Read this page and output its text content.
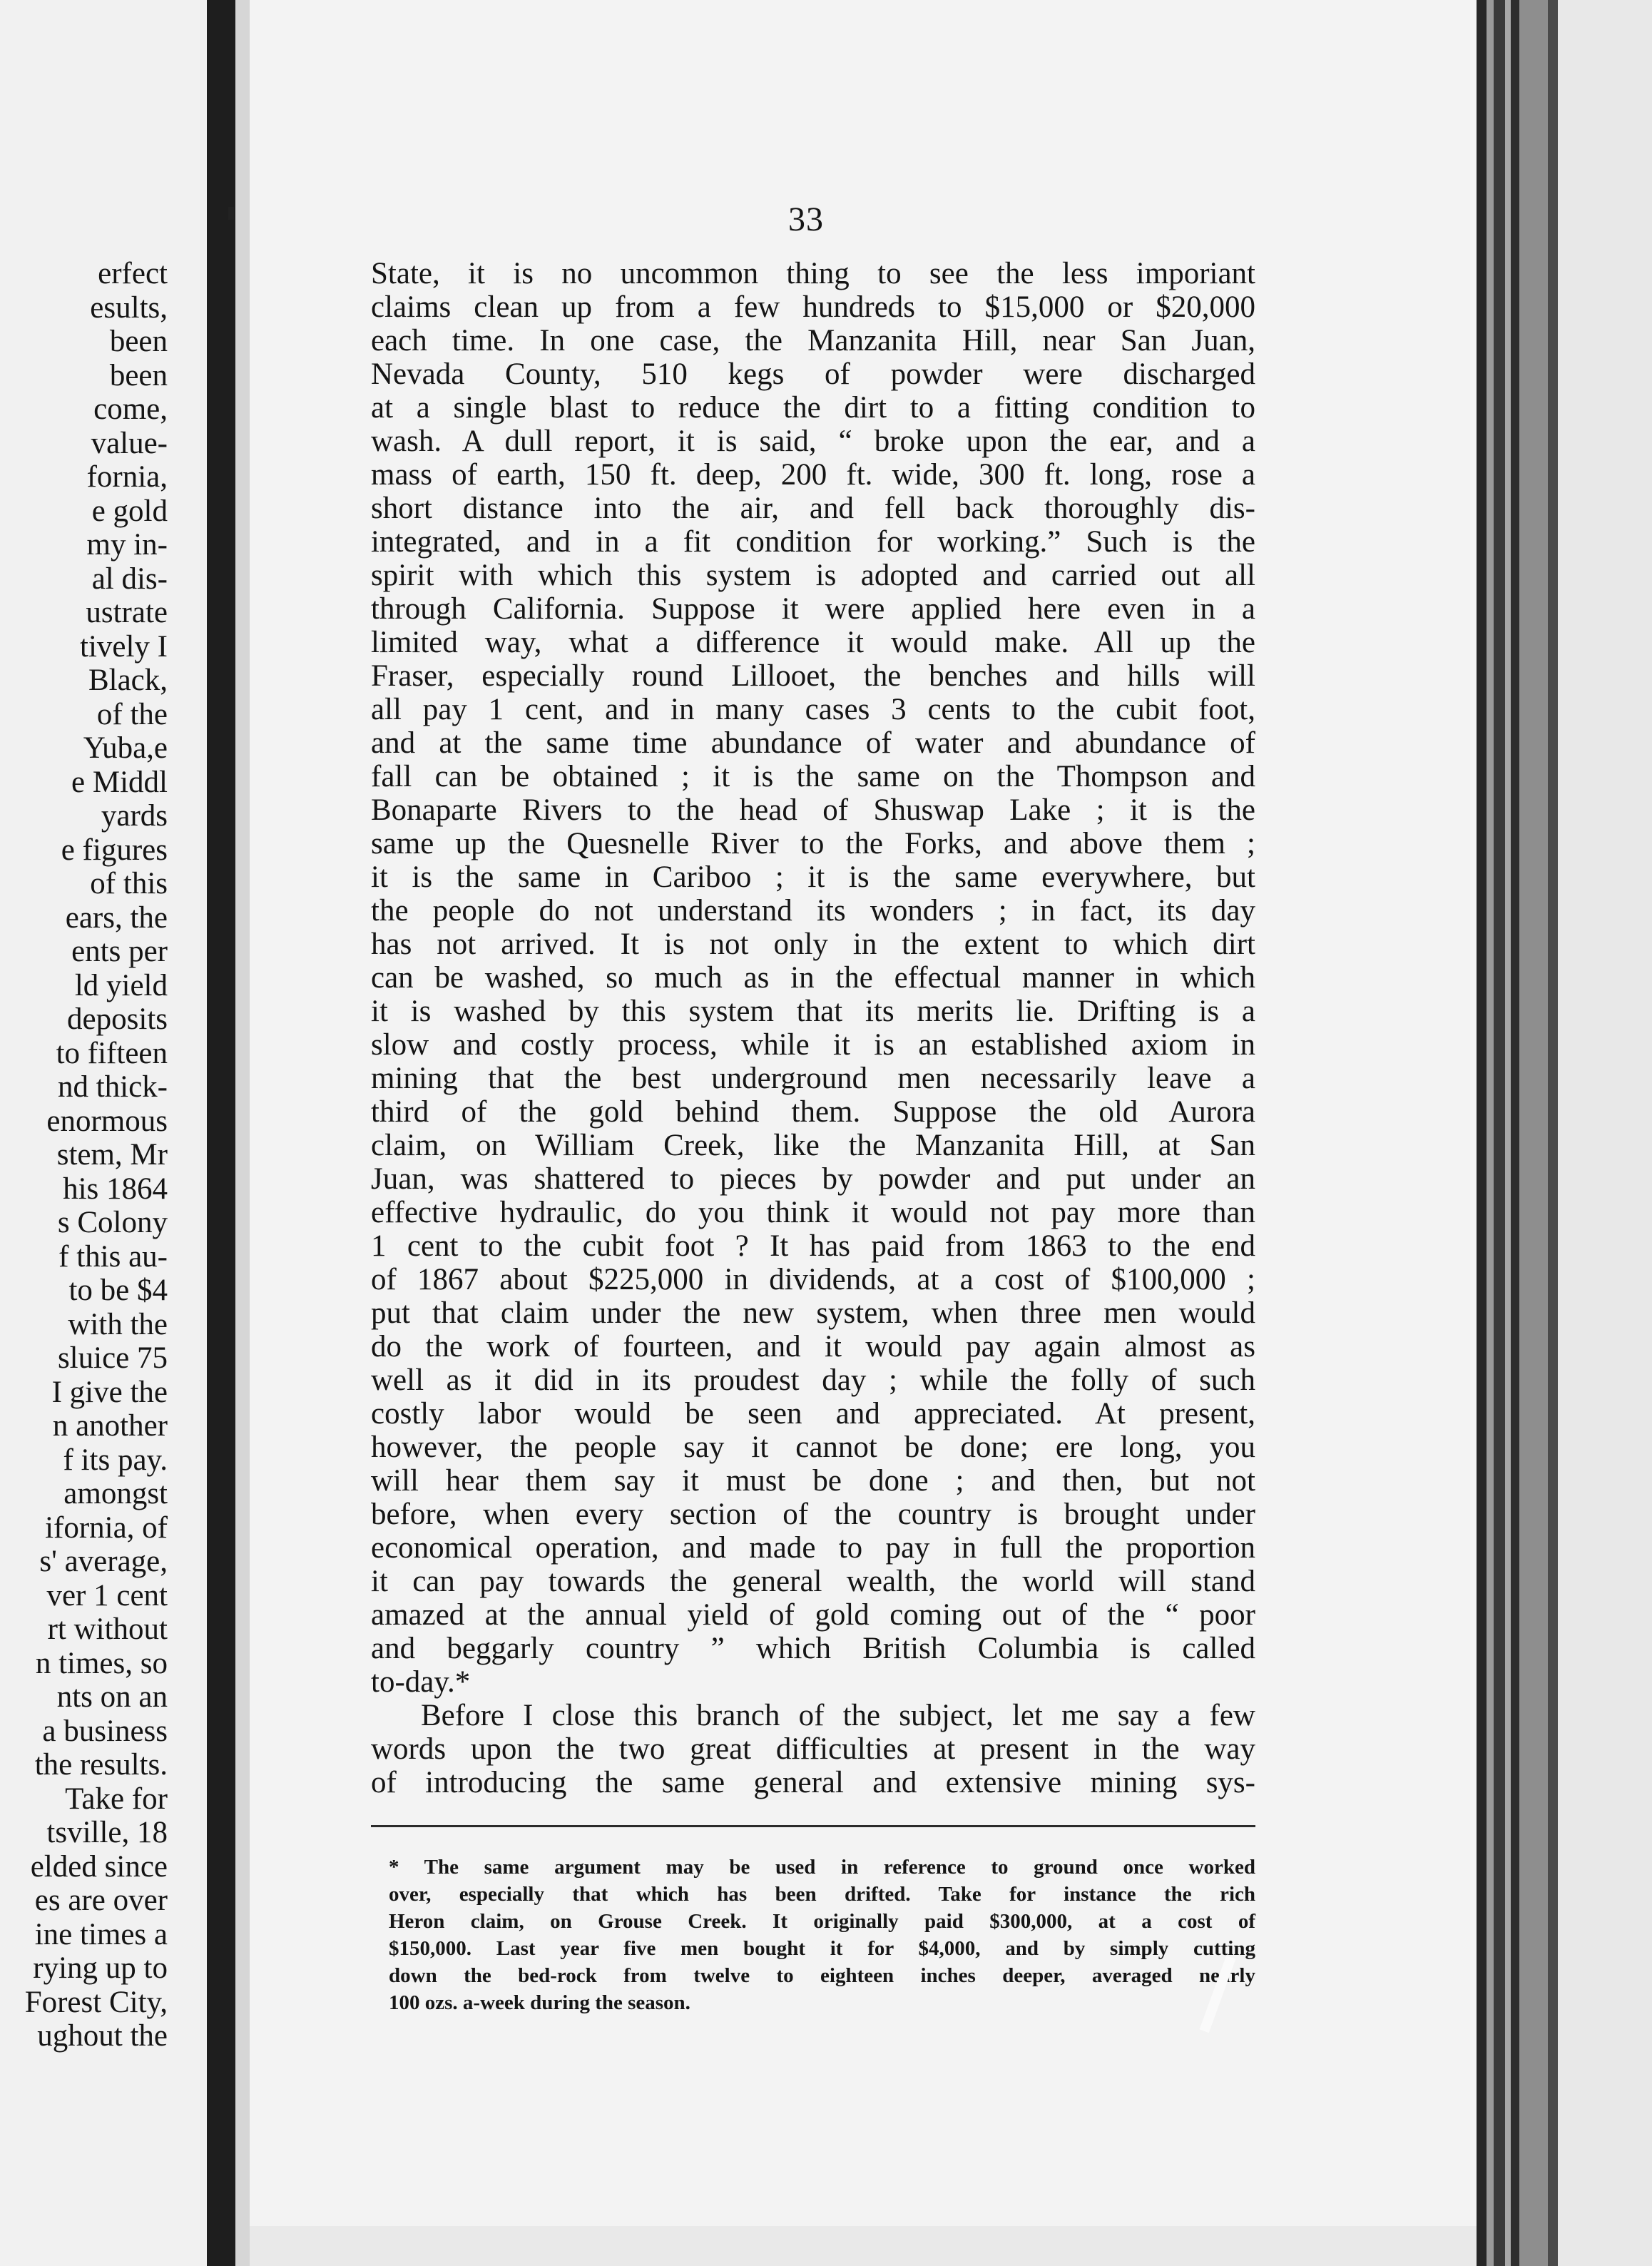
erfect
esults,
been
been
come,
value-
fornia,
e gold
my in-
al dis-
ustrate
tively I
Black,
of the
Yuba,e
e Middl
yards
e figures
of this
ears, the
ents per
ld yield
deposits
to fifteen
nd thick-
enormous
stem, Mr
his 1864
s Colony
f this au-
to be $4
with the
sluice 75
I give the
n another
f its pay.
amongst
ifornia, of
s' average,
ver 1 cent
rt without
n times, so
nts on an
a business
the results.
Take for
tsville, 18
elded since
es are over
ine times a
rying up to
Forest City,
ughout the
33
State, it is no uncommon thing to see the less imporiant
claims clean up from a few hundreds to $15,000 or $20,000
each time. In one case, the Manzanita Hill, near San Juan,
Nevada County, 510 kegs of powder were discharged
at a single blast to reduce the dirt to a fitting condition to
wash. A dull report, it is said, “ broke upon the ear, and a
mass of earth, 150 ft. deep, 200 ft. wide, 300 ft. long, rose a
short distance into the air, and fell back thoroughly dis-
integrated, and in a fit condition for working.” Such is the
spirit with which this system is adopted and carried out all
through California. Suppose it were applied here even in a
limited way, what a difference it would make. All up the
Fraser, especially round Lillooet, the benches and hills will
all pay 1 cent, and in many cases 3 cents to the cubit foot,
and at the same time abundance of water and abundance of
fall can be obtained ; it is the same on the Thompson and
Bonaparte Rivers to the head of Shuswap Lake ; it is the
same up the Quesnelle River to the Forks, and above them ;
it is the same in Cariboo ; it is the same everywhere, but
the people do not understand its wonders ; in fact, its day
has not arrived. It is not only in the extent to which dirt
can be washed, so much as in the effectual manner in which
it is washed by this system that its merits lie. Drifting is a
slow and costly process, while it is an established axiom in
mining that the best underground men necessarily leave a
third of the gold behind them. Suppose the old Aurora
claim, on William Creek, like the Manzanita Hill, at San
Juan, was shattered to pieces by powder and put under an
effective hydraulic, do you think it would not pay more than
1 cent to the cubit foot ? It has paid from 1863 to the end
of 1867 about $225,000 in dividends, at a cost of $100,000 ;
put that claim under the new system, when three men would
do the work of fourteen, and it would pay again almost as
well as it did in its proudest day ; while the folly of such
costly labor would be seen and appreciated. At present,
however, the people say it cannot be done; ere long, you
will hear them say it must be done ; and then, but not
before, when every section of the country is brought under
economical operation, and made to pay in full the proportion
it can pay towards the general wealth, the world will stand
amazed at the annual yield of gold coming out of the “ poor
and beggarly country ” which British Columbia is called
to-day.*
Before I close this branch of the subject, let me say a few
words upon the two great difficulties at present in the way
of introducing the same general and extensive mining sys-
* The same argument may be used in reference to ground once worked
over, especially that which has been drifted. Take for instance the rich
Heron claim, on Grouse Creek. It originally paid $300,000, at a cost of
$150,000. Last year five men bought it for $4,000, and by simply cutting
down the bed-rock from twelve to eighteen inches deeper, averaged nearly
100 ozs. a-week during the season.
